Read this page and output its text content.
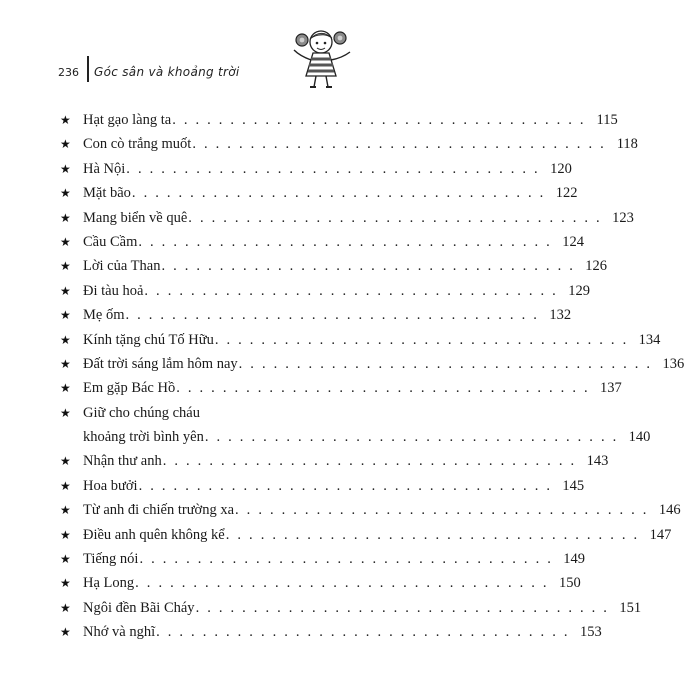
236 Góc sân và khoảng trời
★ Hạt gạo làng ta . . . . . . . . . . . . . . . . . . . . . . . . . . . . . . . . . . . . 115
★ Con cò trắng muốt . . . . . . . . . . . . . . . . . . . . . . . . . . . . . . . . . . . . 118
★ Hà Nội . . . . . . . . . . . . . . . . . . . . . . . . . . . . . . . . . . . . 120
★ Mặt bão . . . . . . . . . . . . . . . . . . . . . . . . . . . . . . . . . . . . 122
★ Mang biển về quê . . . . . . . . . . . . . . . . . . . . . . . . . . . . . . . . . . . . 123
★ Cầu Cầm . . . . . . . . . . . . . . . . . . . . . . . . . . . . . . . . . . . . 124
★ Lời của Than . . . . . . . . . . . . . . . . . . . . . . . . . . . . . . . . . . . . 126
★ Đi tàu hoả . . . . . . . . . . . . . . . . . . . . . . . . . . . . . . . . . . . . 129
★ Mẹ ốm . . . . . . . . . . . . . . . . . . . . . . . . . . . . . . . . . . . . 132
★ Kính tặng chú Tố Hữu . . . . . . . . . . . . . . . . . . . . . . . . . . . . . . . . . . . . 134
★ Đất trời sáng lắm hôm nay . . . . . . . . . . . . . . . . . . . . . . . . . . . . . . . . . . . . 136
★ Em gặp Bác Hồ . . . . . . . . . . . . . . . . . . . . . . . . . . . . . . . . . . . . 137
★ Giữ cho chúng cháu
khoảng trời bình yên . . . . . . . . . . . . . . . . . . . . . . . . . . . . . . . . . . . . 140
★ Nhận thư anh . . . . . . . . . . . . . . . . . . . . . . . . . . . . . . . . . . . . 143
★ Hoa bưởi . . . . . . . . . . . . . . . . . . . . . . . . . . . . . . . . . . . . 145
★ Từ anh đi chiến trường xa . . . . . . . . . . . . . . . . . . . . . . . . . . . . . . . . . . . . 146
★ Điều anh quên không kể . . . . . . . . . . . . . . . . . . . . . . . . . . . . . . . . . . . . 147
★ Tiếng nói . . . . . . . . . . . . . . . . . . . . . . . . . . . . . . . . . . . . 149
★ Hạ Long . . . . . . . . . . . . . . . . . . . . . . . . . . . . . . . . . . . . 150
★ Ngôi đền Bãi Cháy . . . . . . . . . . . . . . . . . . . . . . . . . . . . . . . . . . . . 151
★ Nhớ và nghĩ . . . . . . . . . . . . . . . . . . . . . . . . . . . . . . . . . . . . 153
